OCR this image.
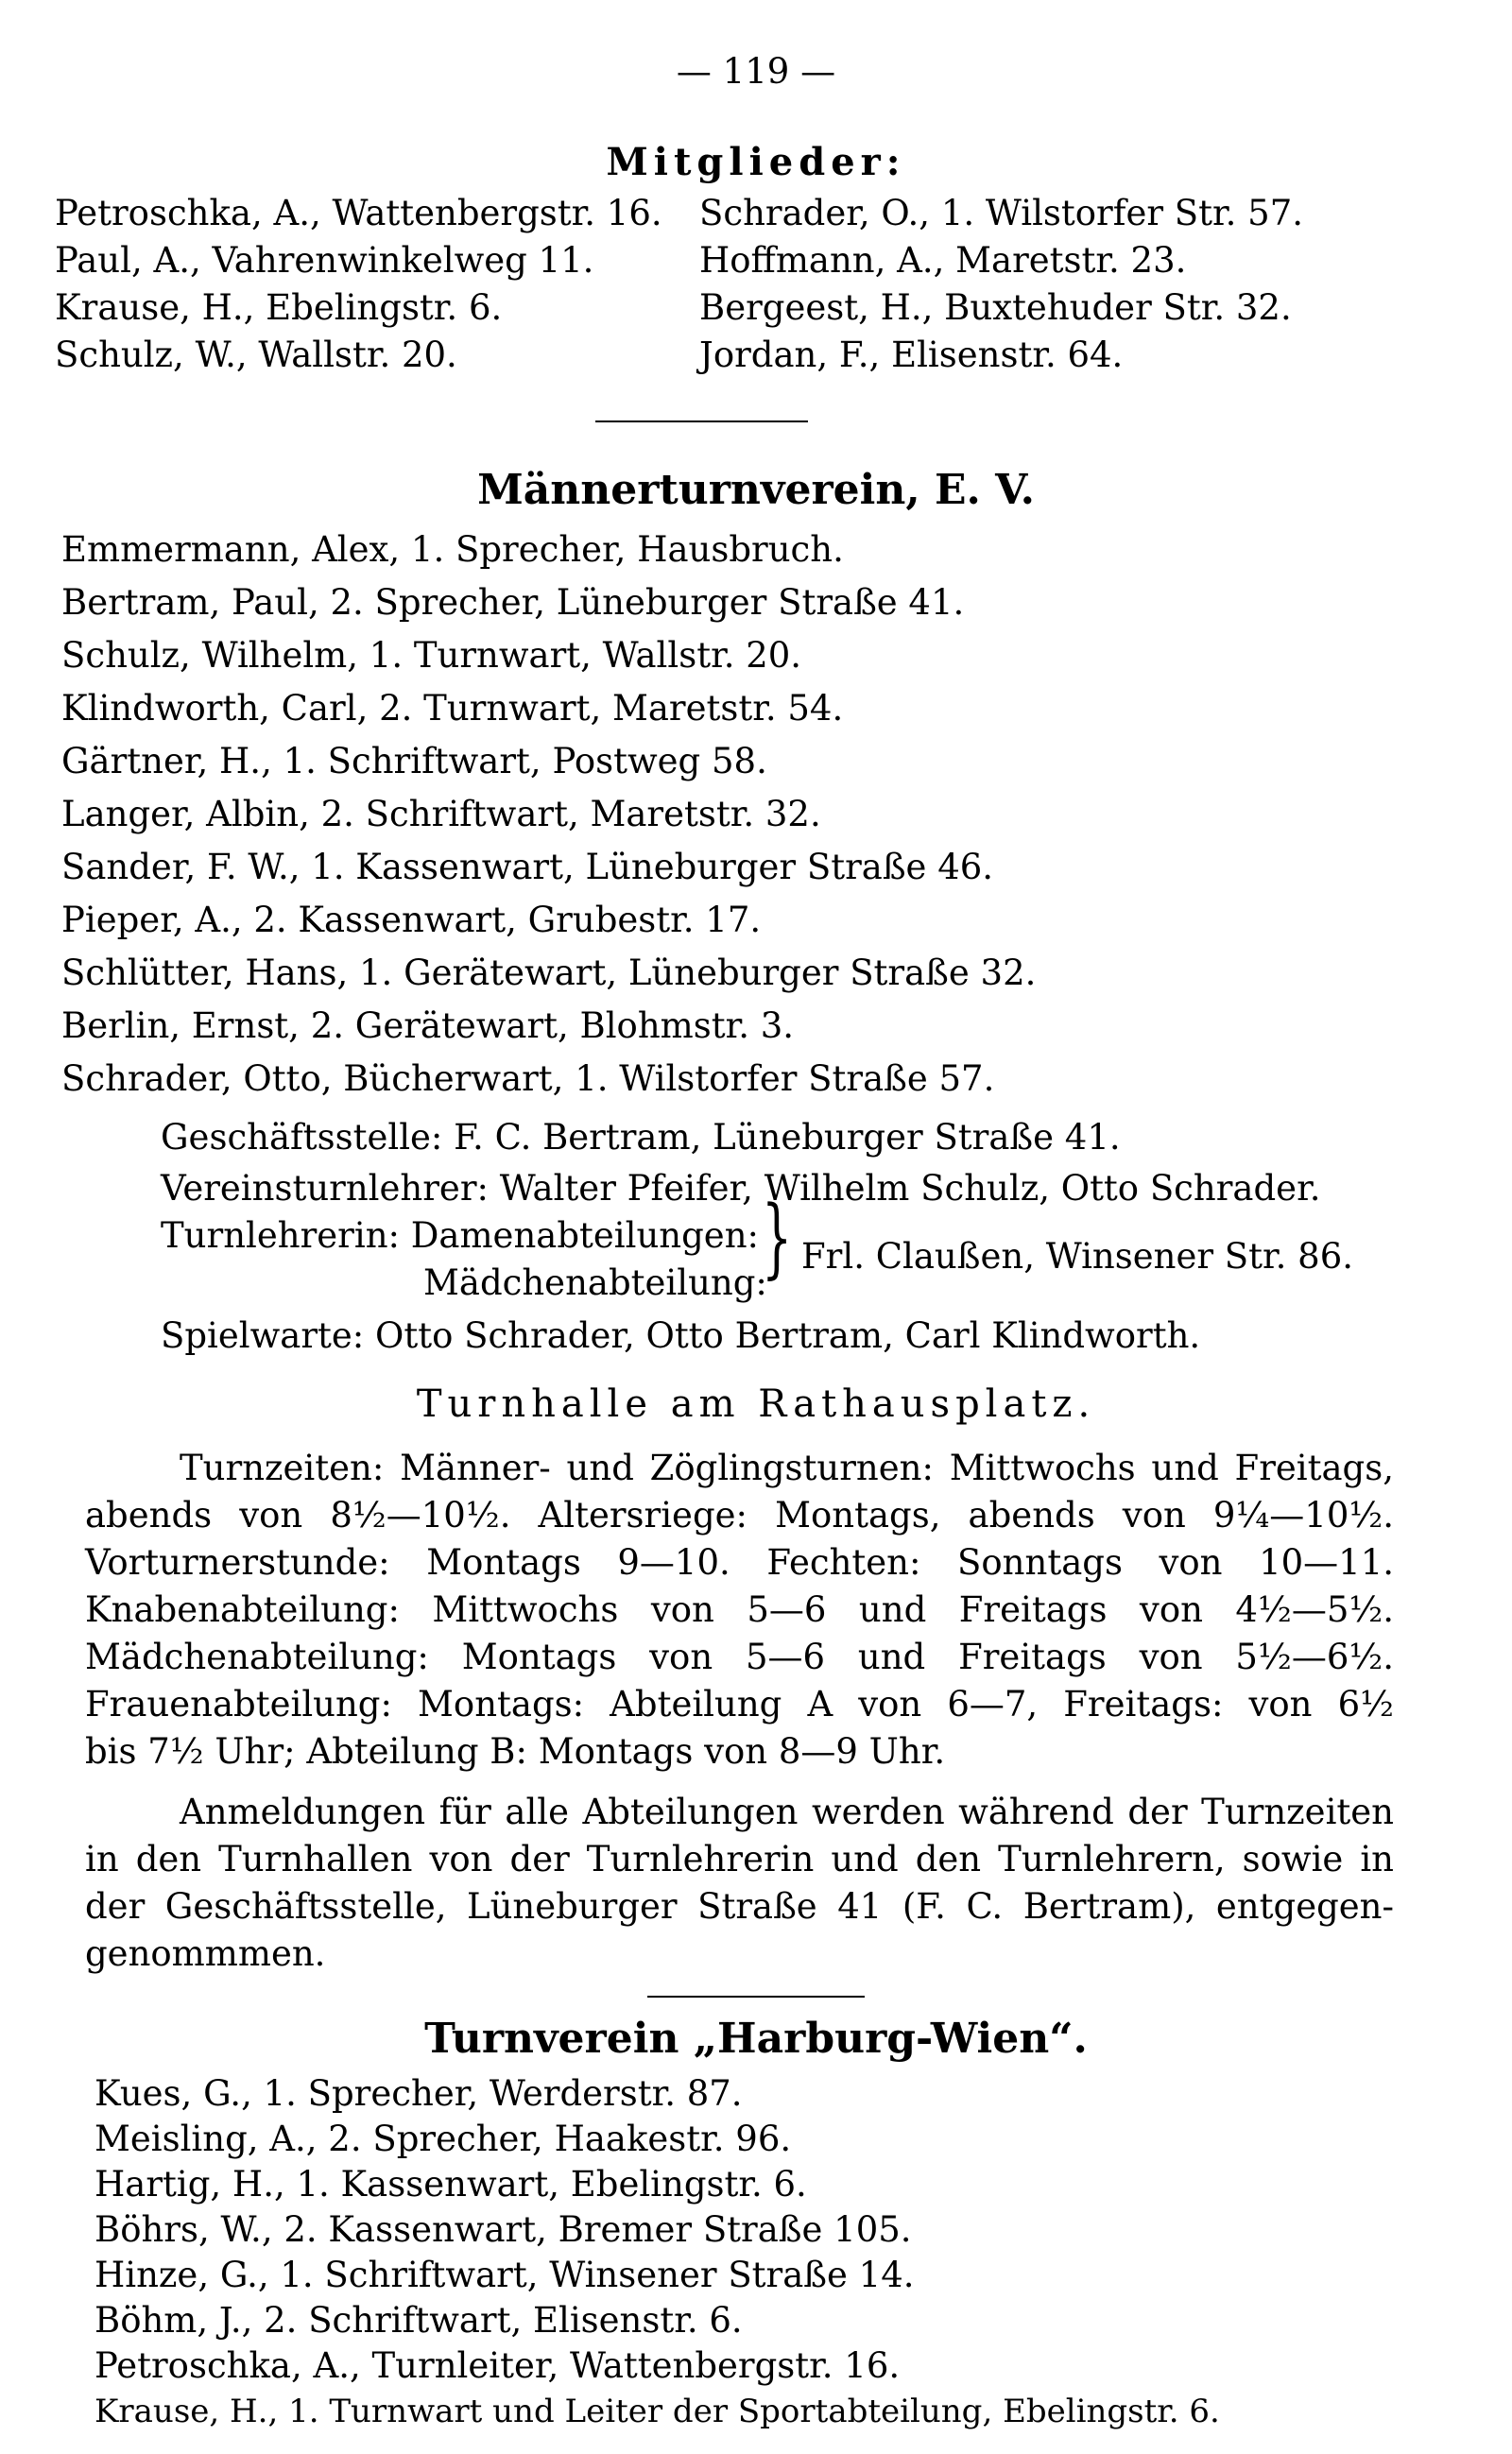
— 119 —
Mitglieder:
Petroschka, A., Wattenbergstr. 16. Schrader, O., 1. Wilstorfer Str. 57.
Paul, A., Vahrenwinkelweg 11.	Hoffmann, A., Maretstr. 23.
Krause, H., Ebelingstr. 6.	Bergeest, H., Buxtehuder Str. 32.
Schulz, W., Wallstr. 20.	Jordan, F., Elisenstr. 64.
Männerturnverein, E. V.
Emmermann, Alex, 1. Sprecher, Hausbruch.
Bertram, Paul, 2. Sprecher, Lüneburger Straße 41.
Schulz, Wilhelm, 1. Turnwart, Wallstr. 20.
Klindworth, Carl, 2. Turnwart, Maretstr. 54.
Gärtner, H., 1. Schriftwart, Postweg 58.
Langer, Albin, 2. Schriftwart, Maretstr. 32.
Sander, F. W., 1. Kassenwart, Lüneburger Straße 46.
Pieper, A., 2. Kassenwart, Grubestr. 17.
Schlütter, Hans, 1. Gerätewart, Lüneburger Straße 32.
Berlin, Ernst, 2. Gerätewart, Blohmstr. 3.
Schrader, Otto, Bücherwart, 1. Wilstorfer Straße 57.
Geschäftsstelle: F. C. Bertram, Lüneburger Straße 41.
Vereinsturnlehrer: Walter Pfeifer, Wilhelm Schulz, Otto Schrader.
Turnlehrerin: Damenabteilungen:
Mädchenabteilung:
} Frl. Claußen, Winsener Str. 86.
Spielwarte: Otto Schrader, Otto Bertram, Carl Klindworth.
Turnhalle am Rathausplatz.
Turnzeiten: Männer- und Zöglingsturnen: Mittwochs und Freitags,
abends von 8½—10½. Altersriege: Montags, abends von 9¼—10½.
Vorturnerstunde: Montags 9—10. Fechten: Sonntags von 10—11.
Knabenabteilung: Mittwochs von 5—6 und Freitags von 4½—5½.
Mädchenabteilung: Montags von 5—6 und Freitags von 5½—6½.
Frauenabteilung: Montags: Abteilung A von 6—7, Freitags: von 6½
bis 7½ Uhr; Abteilung B: Montags von 8—9 Uhr.
Anmeldungen für alle Abteilungen werden während der Turnzeiten
in den Turnhallen von der Turnlehrerin und den Turnlehrern, sowie in
der Geschäftsstelle, Lüneburger Straße 41 (F. C. Bertram), entgegen-
genommmen.
Turnverein „Harburg-Wien“.
Kues, G., 1. Sprecher, Werderstr. 87.
Meisling, A., 2. Sprecher, Haakestr. 96.
Hartig, H., 1. Kassenwart, Ebelingstr. 6.
Böhrs, W., 2. Kassenwart, Bremer Straße 105.
Hinze, G., 1. Schriftwart, Winsener Straße 14.
Böhm, J., 2. Schriftwart, Elisenstr. 6.
Petroschka, A., Turnleiter, Wattenbergstr. 16.
Krause, H., 1. Turnwart und Leiter der Sportabteilung, Ebelingstr. 6.
